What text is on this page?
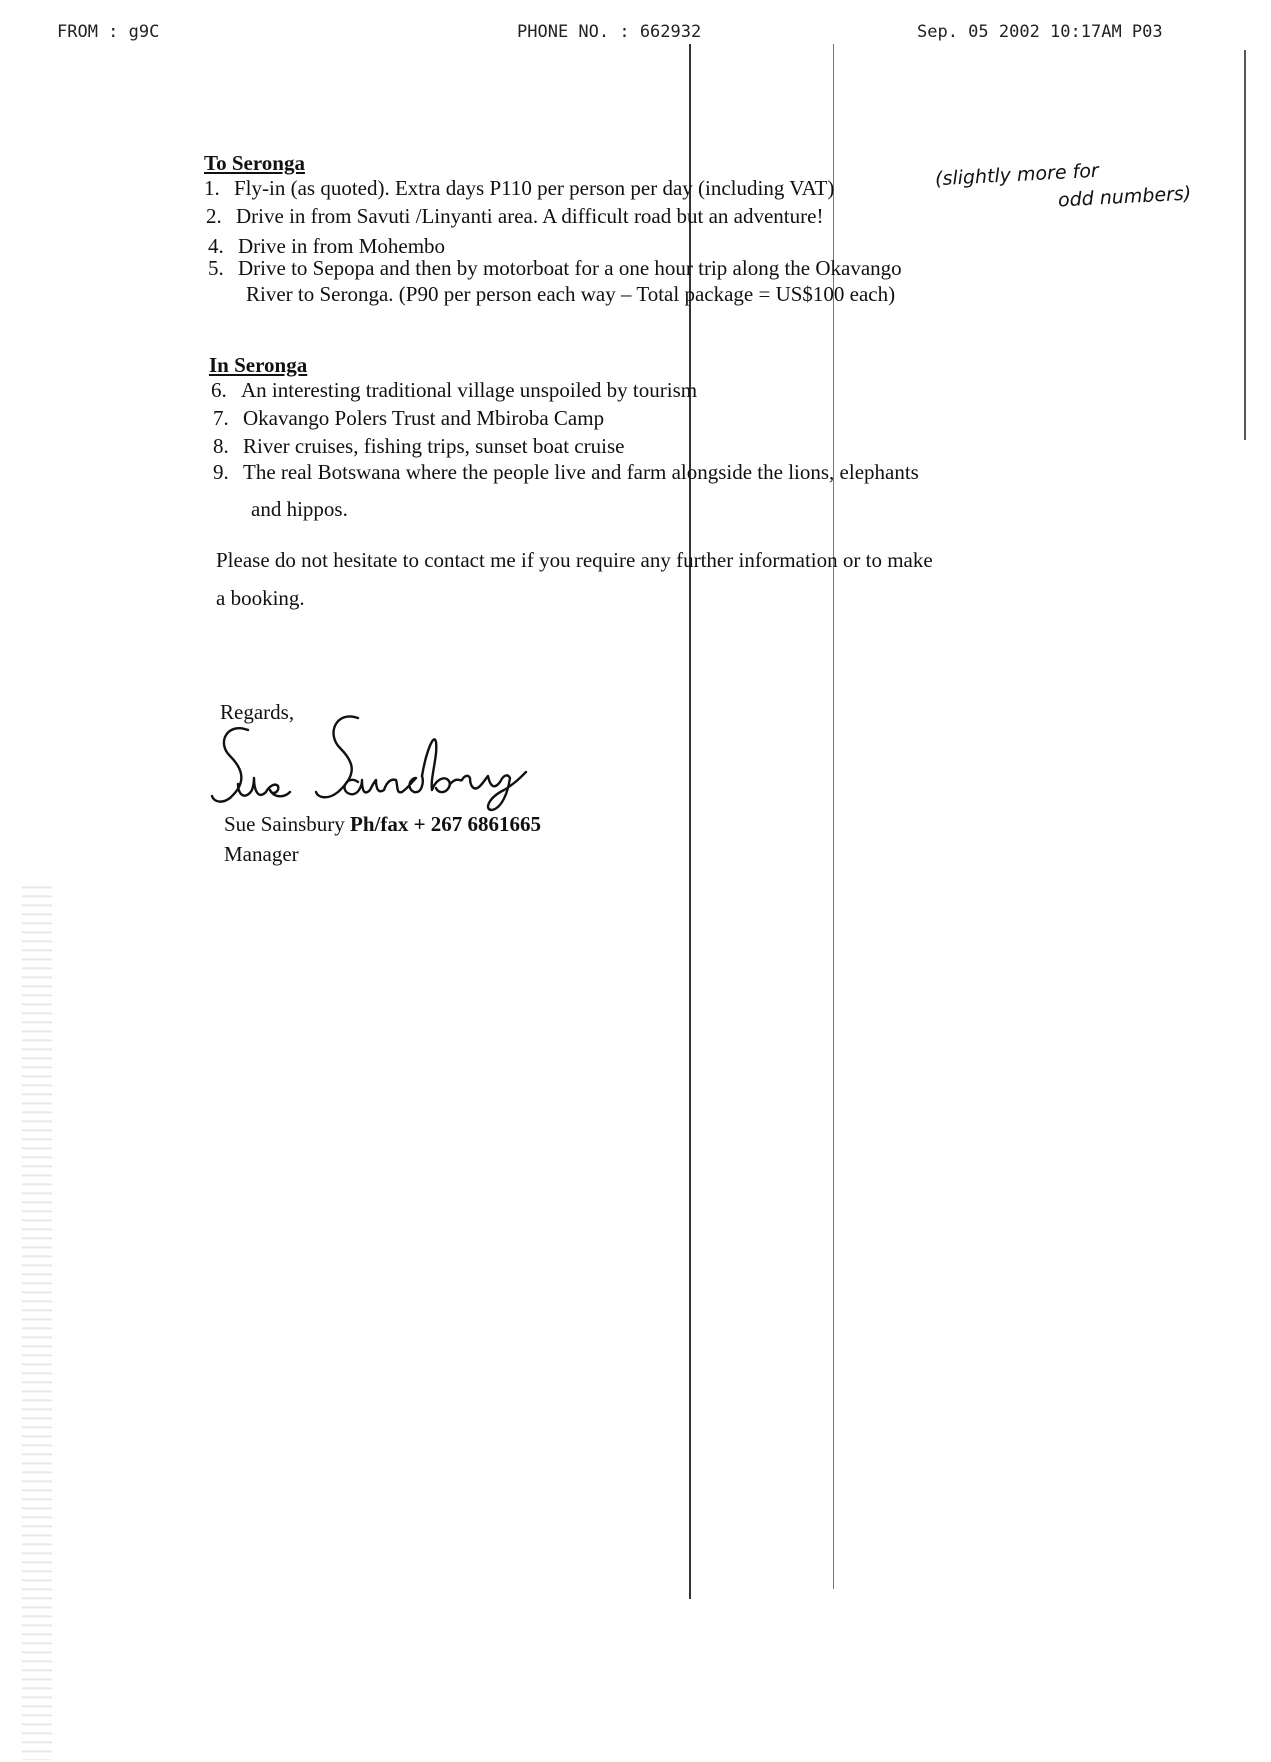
FROM : g9C	PHONE NO. : 662932	Sep. 05 2002 10:17AM P03
To Seronga
1. Fly-in (as quoted). Extra days P110 per person per day (including VAT)	(slightly more for
odd numbers)
2. Drive in from Savuti /Linyanti area. A difficult road but an adventure!
4. Drive in from Mohembo
5. Drive to Sepopa and then by motorboat for a one hour trip along the Okavango
River to Seronga. (P90 per person each way – Total package = US$100 each)
In Seronga
6. An interesting traditional village unspoiled by tourism
7. Okavango Polers Trust and Mbiroba Camp
8. River cruises, fishing trips, sunset boat cruise
9. The real Botswana where the people live and farm alongside the lions, elephants
and hippos.
Please do not hesitate to contact me if you require any further information or to make
a booking.
Regards,
Sue Sainsbury Ph/fax + 267 6861665
Manager
